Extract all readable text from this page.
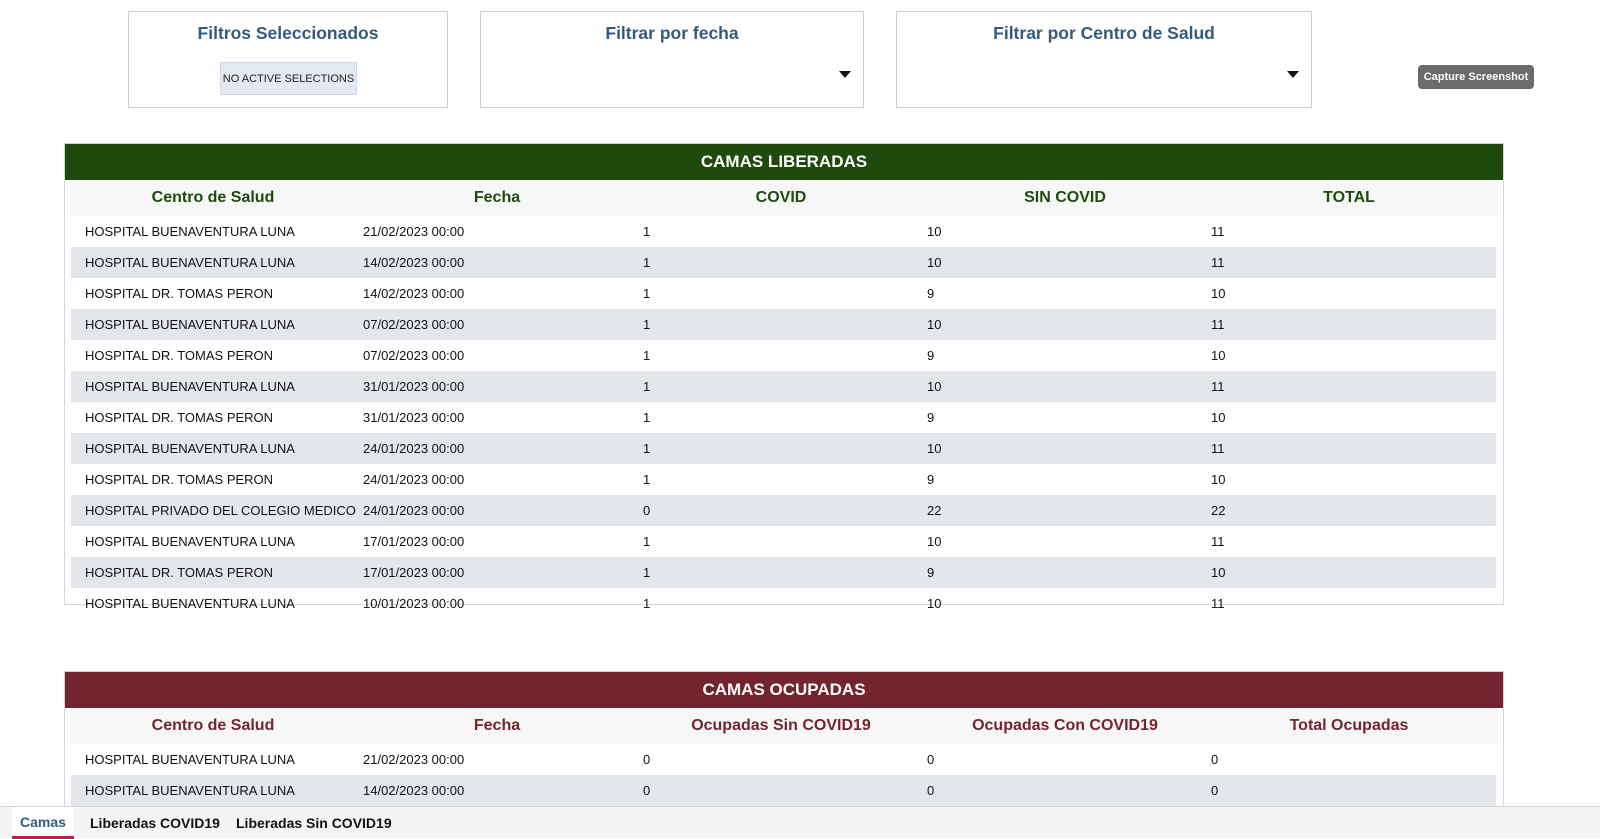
Filtros Seleccionados
NO ACTIVE SELECTIONS
Filtrar por fecha	Filtrar por Centro de Salud
Capture Screenshot
CAMAS LIBERADAS
Centro de Salud	Fecha	COVID	SIN COVID	TOTAL
HOSPITAL BUENAVENTURA LUNA	21/02/2023 00:00	1	10	11
HOSPITAL BUENAVENTURA LUNA	14/02/2023 00:00	1	10	11
HOSPITAL DR. TOMAS PERON	14/02/2023 00:00	1	9	10
HOSPITAL BUENAVENTURA LUNA	07/02/2023 00:00	1	10	11
HOSPITAL DR. TOMAS PERON	07/02/2023 00:00	1	9	10
HOSPITAL BUENAVENTURA LUNA	31/01/2023 00:00	1	10	11
HOSPITAL DR. TOMAS PERON	31/01/2023 00:00	1	9	10
HOSPITAL BUENAVENTURA LUNA	24/01/2023 00:00	1	10	11
HOSPITAL DR. TOMAS PERON	24/01/2023 00:00	1	9	10
HOSPITAL PRIVADO DEL COLEGIO MEDICO 24/01/2023 00:00	0	22	22
HOSPITAL BUENAVENTURA LUNA	17/01/2023 00:00	1	10	11
HOSPITAL DR. TOMAS PERON	17/01/2023 00:00	1	9	10
HOSPITAL BUENAVENTURA LUNA	10/01/2023 00:00	1	10	11
CAMAS OCUPADAS
Centro de Salud	Fecha	Ocupadas Sin COVID19	Ocupadas Con COVID19	Total Ocupadas
HOSPITAL BUENAVENTURA LUNA	21/02/2023 00:00	0	0	0
HOSPITAL BUENAVENTURA LUNA	14/02/2023 00:00	0	0	0
Camas	Liberadas COVID19 Liberadas Sin COVID19
